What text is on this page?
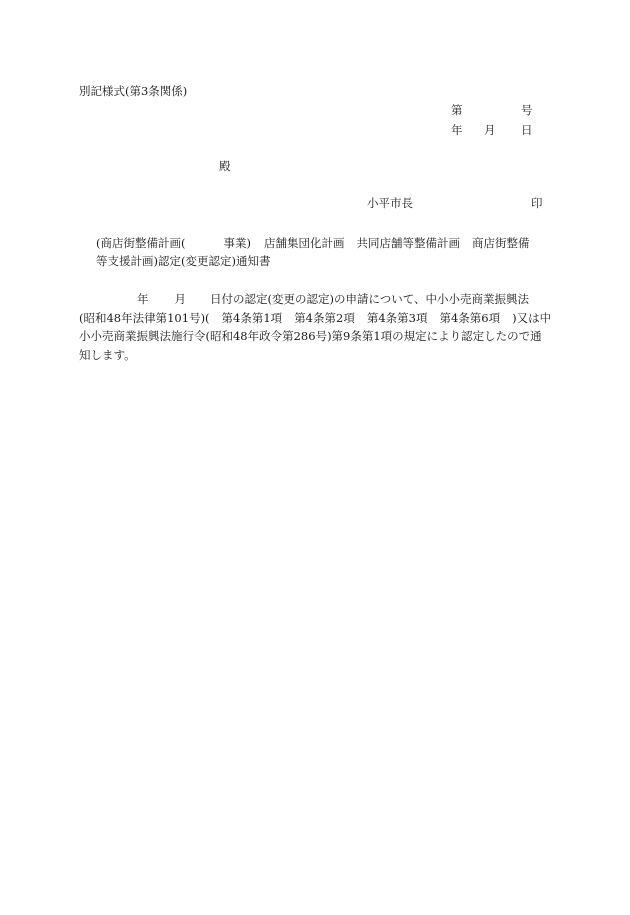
別記様式(第3条関係)
第	号
年 月 日
殿
小平市長	印
(商店街整備計画(	事業) 店舗集団化計画 共同店舗等整備計画 商店街整備
等支援計画)認定(変更認定)通知書

年 月 日付の認定(変更の認定)の申請について、中小小売商業振興法

(昭和48年法律第101号)( 第4条第1項 第4条第2項 第4条第3項 第4条第6項 )又は中

小小売商業振興法施行令(昭和48年政令第286号)第9条第1項の規定により認定したので通

知します。
